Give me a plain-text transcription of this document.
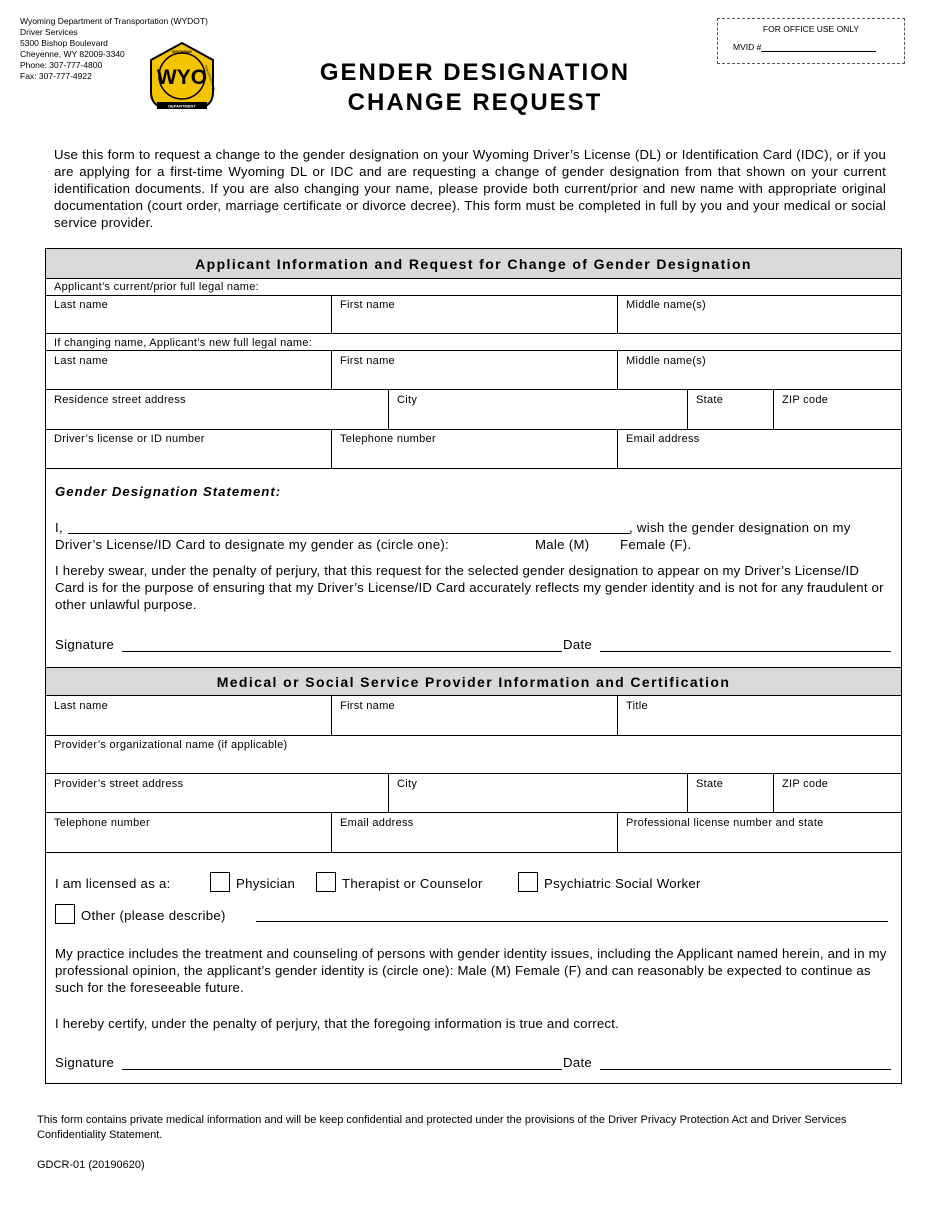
Wyoming Department of Transportation (WYDOT)
Driver Services
5300 Bishop Boulevard
Cheyenne, WY 82009-3340
Phone: 307-777-4800
Fax: 307-777-4922
WYOMING
TRANSPORTATION
WYO
DEPARTMENT
GENDER DESIGNATION
CHANGE REQUEST
FOR OFFICE USE ONLY
MVID #
Use this form to request a change to the gender designation on your Wyoming Driver’s License (DL) or Identification Card (IDC), or if you are applying for a first-time Wyoming DL or IDC and are requesting a change of gender designation from that shown on your current identification documents. If you are also changing your name, please provide both current/prior and new name with appropriate original documentation (court order, marriage certificate or divorce decree). This form must be completed in full by you and your medical or social service provider.
Applicant Information and Request for Change of Gender Designation
Applicant’s current/prior full legal name:
Last name	First name	Middle name(s)
If changing name, Applicant’s new full legal name:
Last name	First name	Middle name(s)
Residence street address	City	State	ZIP code
Driver’s license or ID number	Telephone number	Email address
Gender Designation Statement:
I,	, wish the gender designation on my
Driver’s License/ID Card to designate my gender as (circle one):	Male (M) Female (F).
I hereby swear, under the penalty of perjury, that this request for the selected gender designation to appear on my Driver’s License/ID Card is for the purpose of ensuring that my Driver’s License/ID Card accurately reflects my gender identity and is not for any fraudulent or other unlawful purpose.
Signature	Date
Medical or Social Service Provider Information and Certification
Last name	First name	Title
Provider’s organizational name (if applicable)
Provider’s street address	City	State	ZIP code
Telephone number	Email address	Professional license number and state
I am licensed as a:	Physician	Therapist or Counselor	Psychiatric Social Worker
Other (please describe)
My practice includes the treatment and counseling of persons with gender identity issues, including the Applicant named herein, and in my professional opinion, the applicant’s gender identity is (circle one): Male (M) Female (F) and can reasonably be expected to continue as such for the foreseeable future.
I hereby certify, under the penalty of perjury, that the foregoing information is true and correct.
Signature	Date
This form contains private medical information and will be keep confidential and protected under the provisions of the Driver Privacy Protection Act and Driver Services Confidentiality Statement.
GDCR-01 (20190620)
